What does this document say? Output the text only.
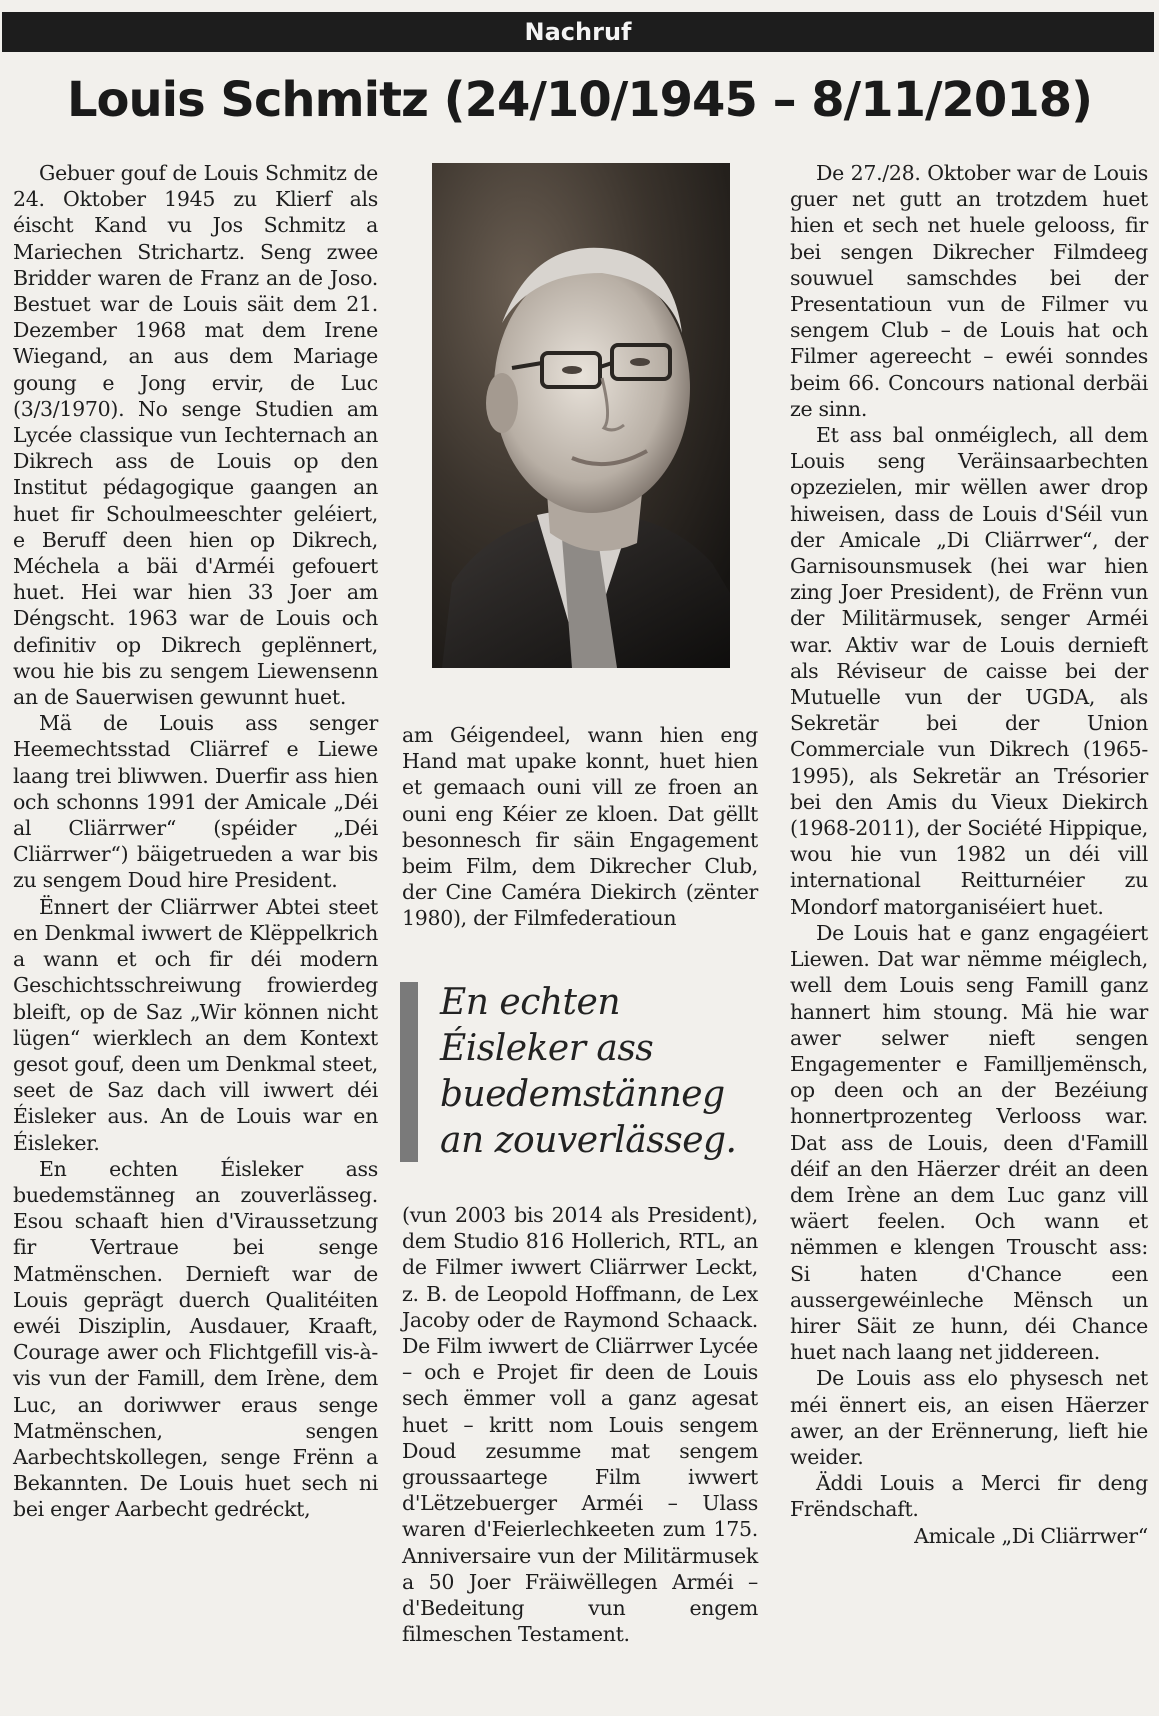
Nachruf
Louis Schmitz (24/10/1945 – 8/11/2018)

Gebuer gouf de Louis Schmitz de 24. Oktober 1945 zu Klierf als éischt Kand vu Jos Schmitz a Mariechen Strichartz. Seng zwee Bridder waren de Franz an de Joso. Bestuet war de Louis säit dem 21. Dezember 1968 mat dem Irene Wiegand, an aus dem Mariage goung e Jong ervir, de Luc (3/3/1970). No senge Studien am Lycée classique vun Iechternach an Dikrech ass de Louis op den Institut pédagogique gaangen an huet fir Schoulmeeschter geléiert, e Beruff deen hien op Dikrech, Méchela a bäi d'Arméi gefouert huet. Hei war hien 33 Joer am Déngscht. 1963 war de Louis och definitiv op Dikrech geplënnert, wou hie bis zu sengem Liewensenn an de Sauerwisen gewunnt huet.

Mä de Louis ass senger Heemechtsstad Cliärref e Liewe laang trei bliwwen. Duerfir ass hien och schonns 1991 der Amicale „Déi al Cliärrwer“ (spéider „Déi Cliärrwer“) bäigetrueden a war bis zu sengem Doud hire President.

Ënnert der Cliärrwer Abtei steet en Denkmal iwwert de Klëppelkrich a wann et och fir déi modern Geschichtsschreiwung frowierdeg bleift, op de Saz „Wir können nicht lügen“ wierklech an dem Kontext gesot gouf, deen um Denkmal steet, seet de Saz dach vill iwwert déi Éisleker aus. An de Louis war en Éisleker.

En echten Éisleker ass buedemstänneg an zouverlässeg. Esou schaaft hien d'Viraussetzung fir Vertraue bei senge Matmënschen. Dernieft war de Louis geprägt duerch Qualitéiten ewéi Disziplin, Ausdauer, Kraaft, Courage awer och Flichtgefill vis-à-vis vun der Famill, dem Irène, dem Luc, an doriwwer eraus senge Matmënschen, sengen Aarbechtskollegen, senge Frënn a Bekannten. De Louis huet sech ni bei enger Aarbecht gedréckt,

am Géigendeel, wann hien eng Hand mat upake konnt, huet hien et gemaach ouni vill ze froen an ouni eng Kéier ze kloen. Dat gëllt besonnesch fir säin Engagement beim Film, dem Dikrecher Club, der Cine Caméra Diekirch (zënter 1980), der Filmfederatioun

En echten Éisleker ass buedemstänneg an zouverlässeg.

(vun 2003 bis 2014 als President), dem Studio 816 Hollerich, RTL, an de Filmer iwwert Cliärrwer Leckt, z. B. de Leopold Hoffmann, de Lex Jacoby oder de Raymond Schaack. De Film iwwert de Cliärrwer Lycée – och e Projet fir deen de Louis sech ëmmer voll a ganz agesat huet – kritt nom Louis sengem Doud zesumme mat sengem groussaartege Film iwwert d'Lëtzebuerger Arméi – Ulass waren d'Feierlechkeeten zum 175. Anniversaire vun der Militärmusek a 50 Joer Fräiwëllegen Arméi – d'Bedeitung vun engem filmeschen Testament.

De 27./28. Oktober war de Louis guer net gutt an trotzdem huet hien et sech net huele gelooss, fir bei sengen Dikrecher Filmdeeg souwuel samschdes bei der Presentatioun vun de Filmer vu sengem Club – de Louis hat och Filmer agereecht – ewéi sonndes beim 66. Concours national derbäi ze sinn.

Et ass bal onméiglech, all dem Louis seng Veräinsaarbechten opzezielen, mir wëllen awer drop hiweisen, dass de Louis d'Séil vun der Amicale „Di Cliärrwer“, der Garnisounsmusek (hei war hien zing Joer President), de Frënn vun der Militärmusek, senger Arméi war. Aktiv war de Louis dernieft als Réviseur de caisse bei der Mutuelle vun der UGDA, als Sekretär bei der Union Commerciale vun Dikrech (1965-1995), als Sekretär an Trésorier bei den Amis du Vieux Diekirch (1968-2011), der Société Hippique, wou hie vun 1982 un déi vill international Reitturnéier zu Mondorf matorganiséiert huet.

De Louis hat e ganz engagéiert Liewen. Dat war nëmme méiglech, well dem Louis seng Famill ganz hannert him stoung. Mä hie war awer selwer nieft sengen Engagementer e Familljemënsch, op deen och an der Bezéiung honnertprozenteg Verlooss war. Dat ass de Louis, deen d'Famill déif an den Häerzer dréit an deen dem Irène an dem Luc ganz vill wäert feelen. Och wann et nëmmen e klengen Trouscht ass: Si haten d'Chance een aussergewéinleche Mënsch un hirer Säit ze hunn, déi Chance huet nach laang net jiddereen.

De Louis ass elo physesch net méi ënnert eis, an eisen Häerzer awer, an der Erënnerung, lieft hie weider.

Äddi Louis a Merci fir deng Frëndschaft.

Amicale „Di Cliärrwer“
